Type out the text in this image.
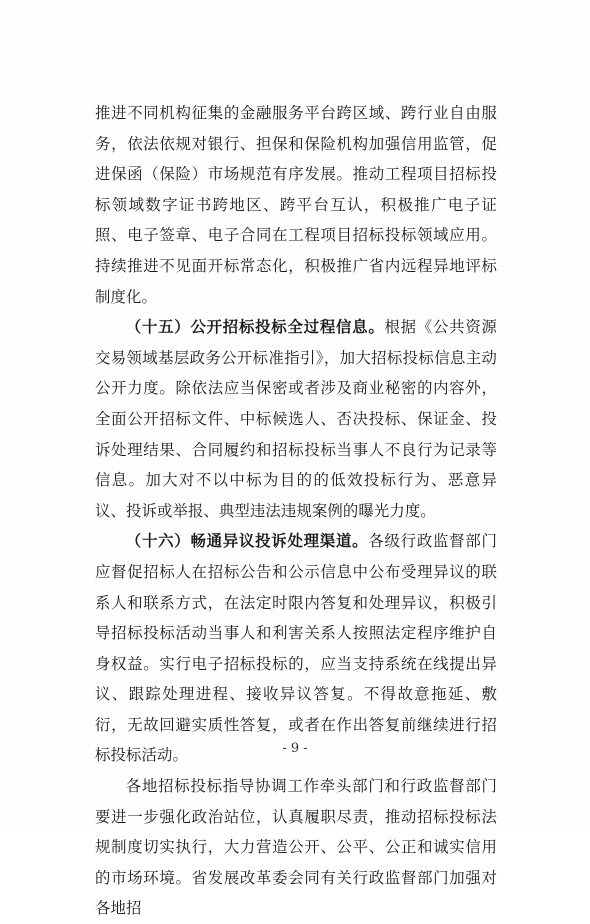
推进不同机构征集的金融服务平台跨区域、跨行业自由服务，依法依规对银行、担保和保险机构加强信用监管，促进保函（保险）市场规范有序发展。推动工程项目招标投标领域数字证书跨地区、跨平台互认，积极推广电子证照、电子签章、电子合同在工程项目招标投标领域应用。持续推进不见面开标常态化，积极推广省内远程异地评标制度化。

（十五）公开招标投标全过程信息。根据《公共资源交易领域基层政务公开标准指引》，加大招标投标信息主动公开力度。除依法应当保密或者涉及商业秘密的内容外，全面公开招标文件、中标候选人、否决投标、保证金、投诉处理结果、合同履约和招标投标当事人不良行为记录等信息。加大对不以中标为目的的低效投标行为、恶意异议、投诉或举报、典型违法违规案例的曝光力度。

（十六）畅通异议投诉处理渠道。各级行政监督部门应督促招标人在招标公告和公示信息中公布受理异议的联系人和联系方式，在法定时限内答复和处理异议，积极引导招标投标活动当事人和利害关系人按照法定程序维护自身权益。实行电子招标投标的，应当支持系统在线提出异议、跟踪处理进程、接收异议答复。不得故意拖延、敷衍，无故回避实质性答复，或者在作出答复前继续进行招标投标活动。

各地招标投标指导协调工作牵头部门和行政监督部门要进一步强化政治站位，认真履职尽责，推动招标投标法规制度切实执行，大力营造公开、公平、公正和诚实信用的市场环境。省发展改革委会同有关行政监督部门加强对各地招

- 9 -
